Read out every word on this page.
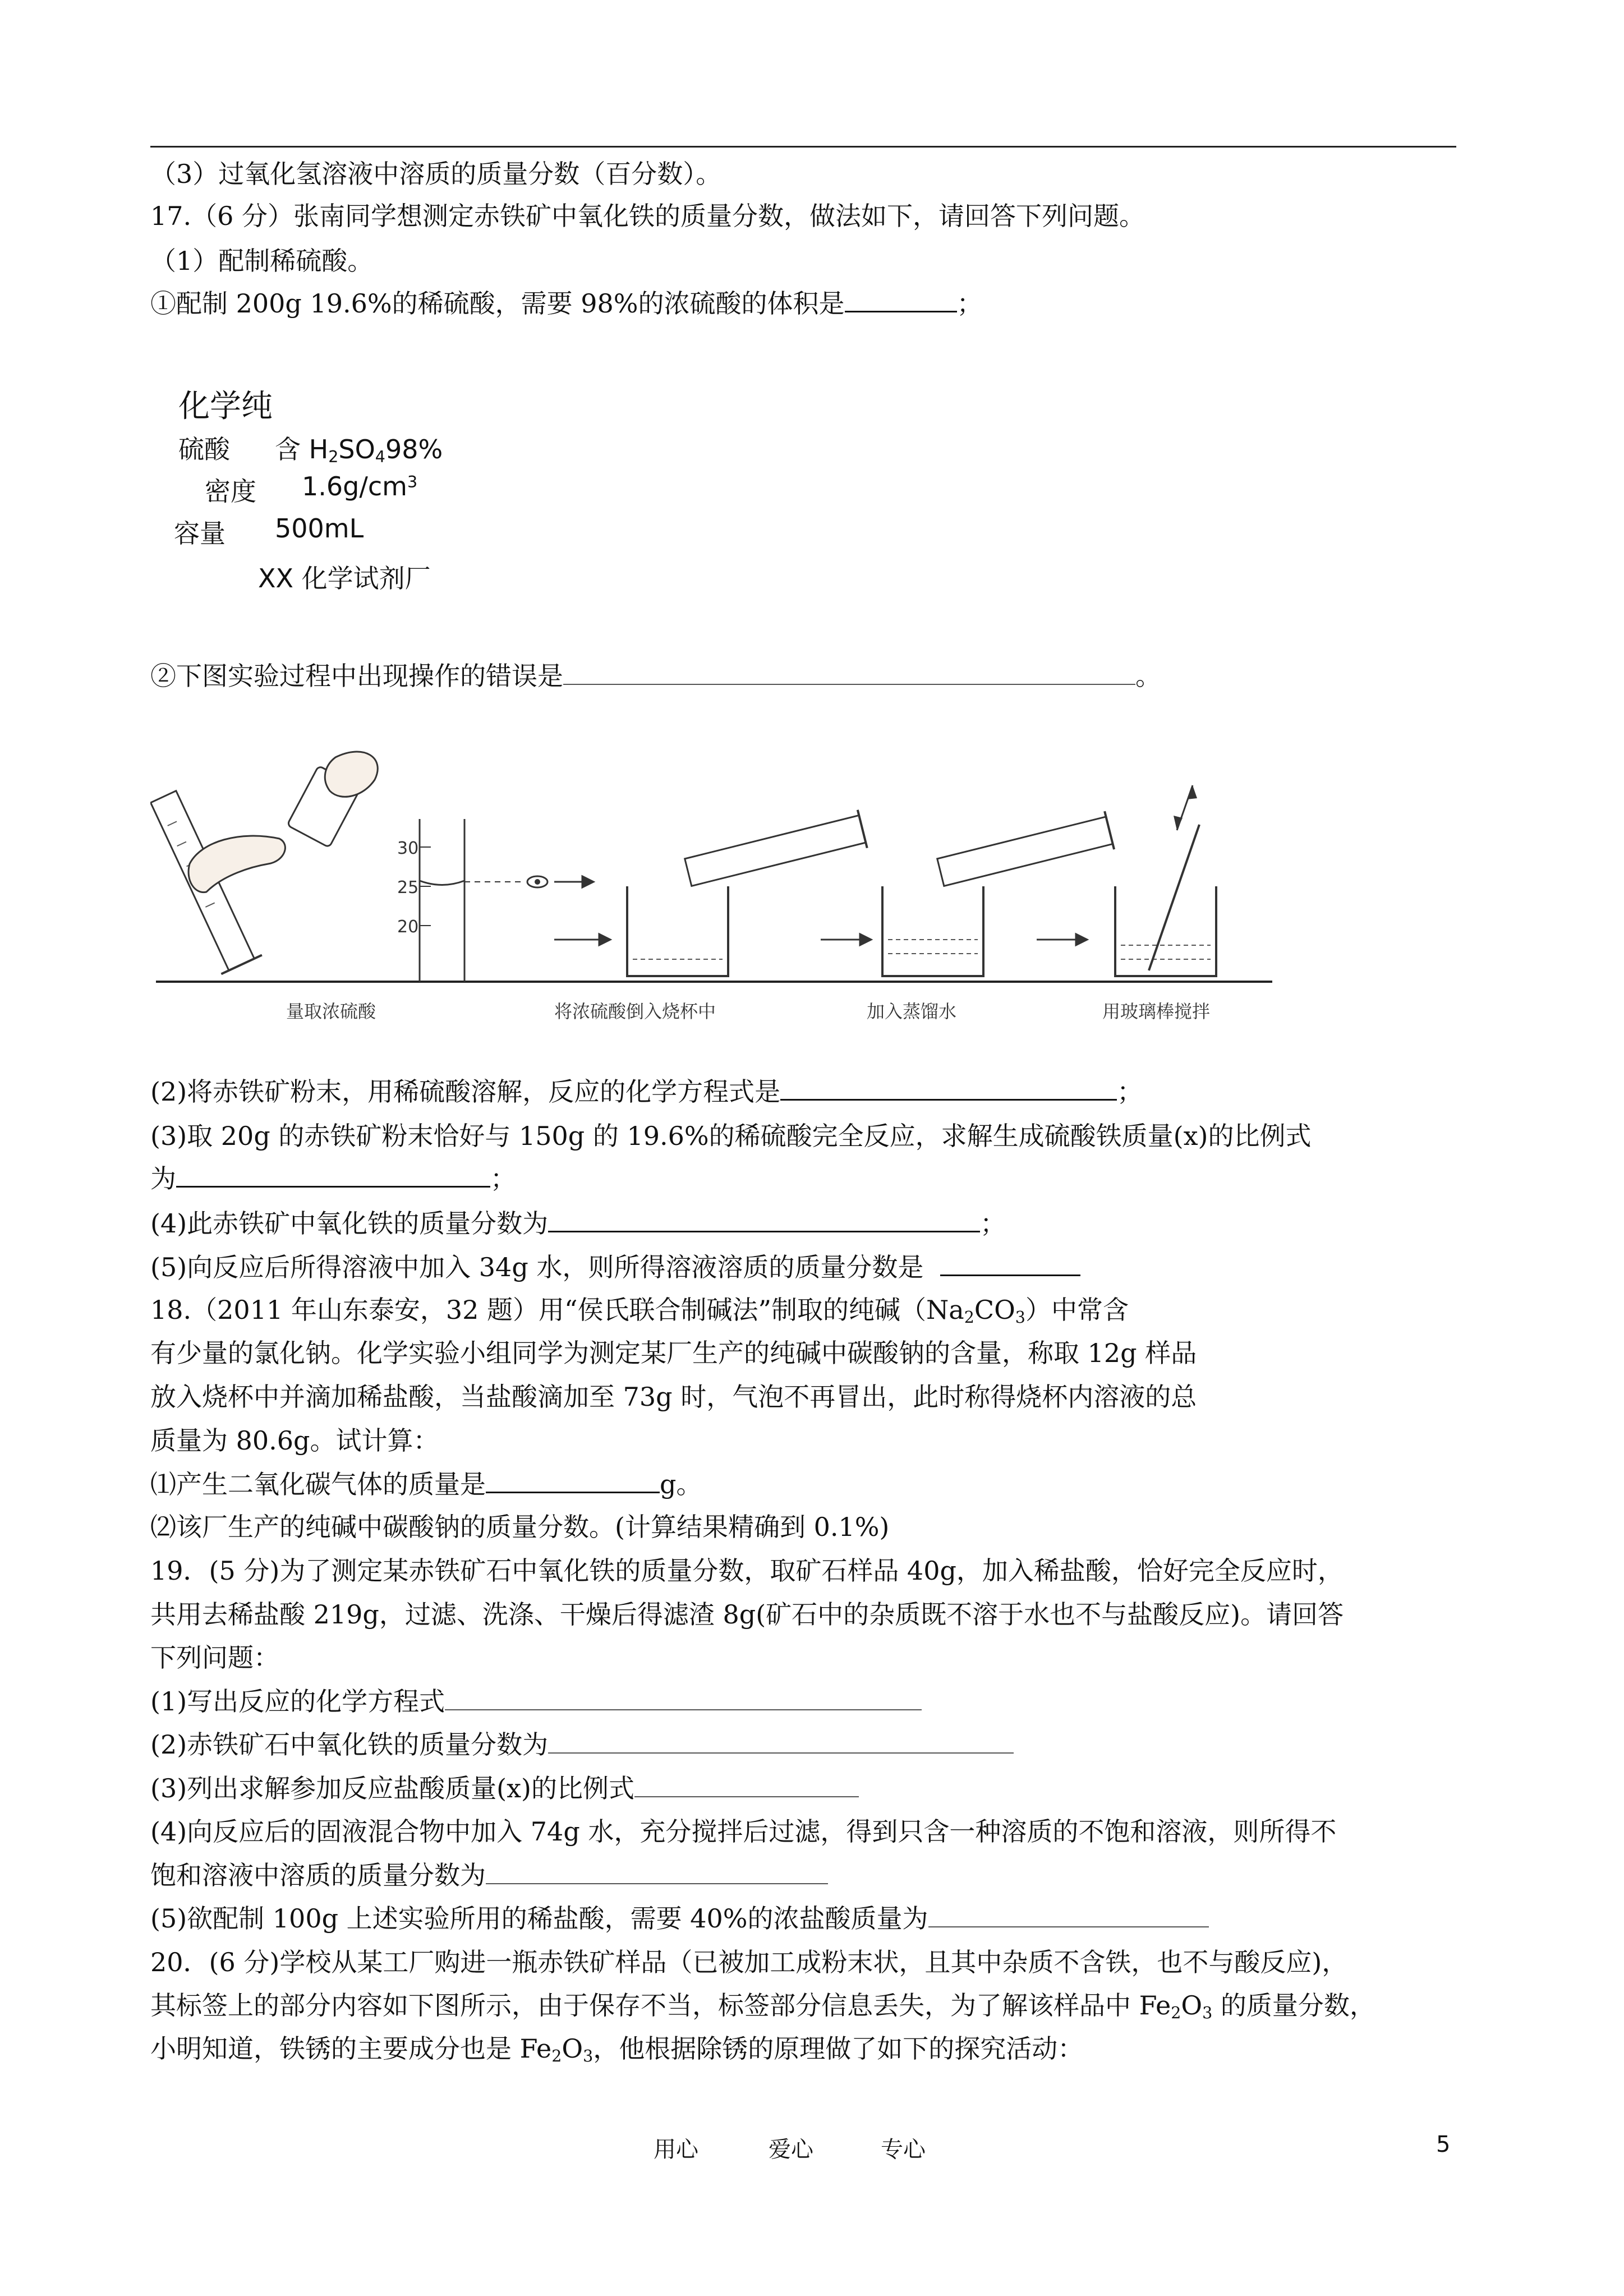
（3）过氧化氢溶液中溶质的质量分数（百分数）。
17.（6 分）张南同学想测定赤铁矿中氧化铁的质量分数，做法如下，请回答下列问题。
（1）配制稀硫酸。
①配制 200g 19.6%的稀硫酸，需要 98%的浓硫酸的体积是	；
化学纯
硫酸 含 $H_2SO_498\%$
密度 $1.6g/cm^3$
容量 500mL
XX 化学试剂厂
②下图实验过程中出现操作的错误是	。
30
25
20
量取浓硫酸	将浓硫酸倒入烧杯中	加入蒸馏水	用玻璃棒搅拌
(2)将赤铁矿粉末，用稀硫酸溶解，反应的化学方程式是	；
(3)取 20g 的赤铁矿粉末恰好与 150g 的 19.6%的稀硫酸完全反应，求解生成硫酸铁质量(x)的比例式
为	；
(4)此赤铁矿中氧化铁的质量分数为	；
(5)向反应后所得溶液中加入 34g 水，则所得溶液溶质的质量分数是
18.（2011 年山东泰安，32 题）用“侯氏联合制碱法”制取的纯碱$(Na_2CO_3)$中常含
有少量的氯化钠。化学实验小组同学为测定某厂生产的纯碱中碳酸钠的含量，称取 12g 样品
放入烧杯中并滴加稀盐酸，当盐酸滴加至 73g 时，气泡不再冒出，此时称得烧杯内溶液的总
质量为 80.6g。试计算：
⑴产生二氧化碳气体的质量是	g。
⑵该厂生产的纯碱中碳酸钠的质量分数。(计算结果精确到 0.1%)
19．(5 分)为了测定某赤铁矿石中氧化铁的质量分数，取矿石样品 40g，加入稀盐酸，恰好完全反应时，
共用去稀盐酸 219g，过滤、洗涤、干燥后得滤渣 8g(矿石中的杂质既不溶于水也不与盐酸反应)。请回答
下列问题：
(1)写出反应的化学方程式
(2)赤铁矿石中氧化铁的质量分数为
(3)列出求解参加反应盐酸质量(x)的比例式
(4)向反应后的固液混合物中加入 74g 水，充分搅拌后过滤，得到只含一种溶质的不饱和溶液，则所得不
饱和溶液中溶质的质量分数为
(5)欲配制 100g 上述实验所用的稀盐酸，需要 40%的浓盐酸质量为
20．(6 分)学校从某工厂购进一瓶赤铁矿样品（已被加工成粉末状，且其中杂质不含铁，也不与酸反应)，
其标签上的部分内容如下图所示，由于保存不当，标签部分信息丢失，为了解该样品中 $Fe_2O_3$ 的质量分数，
小明知道，铁锈的主要成分也是 $Fe_2O_3$，他根据除锈的原理做了如下的探究活动：
用心	爱心	专心	5
